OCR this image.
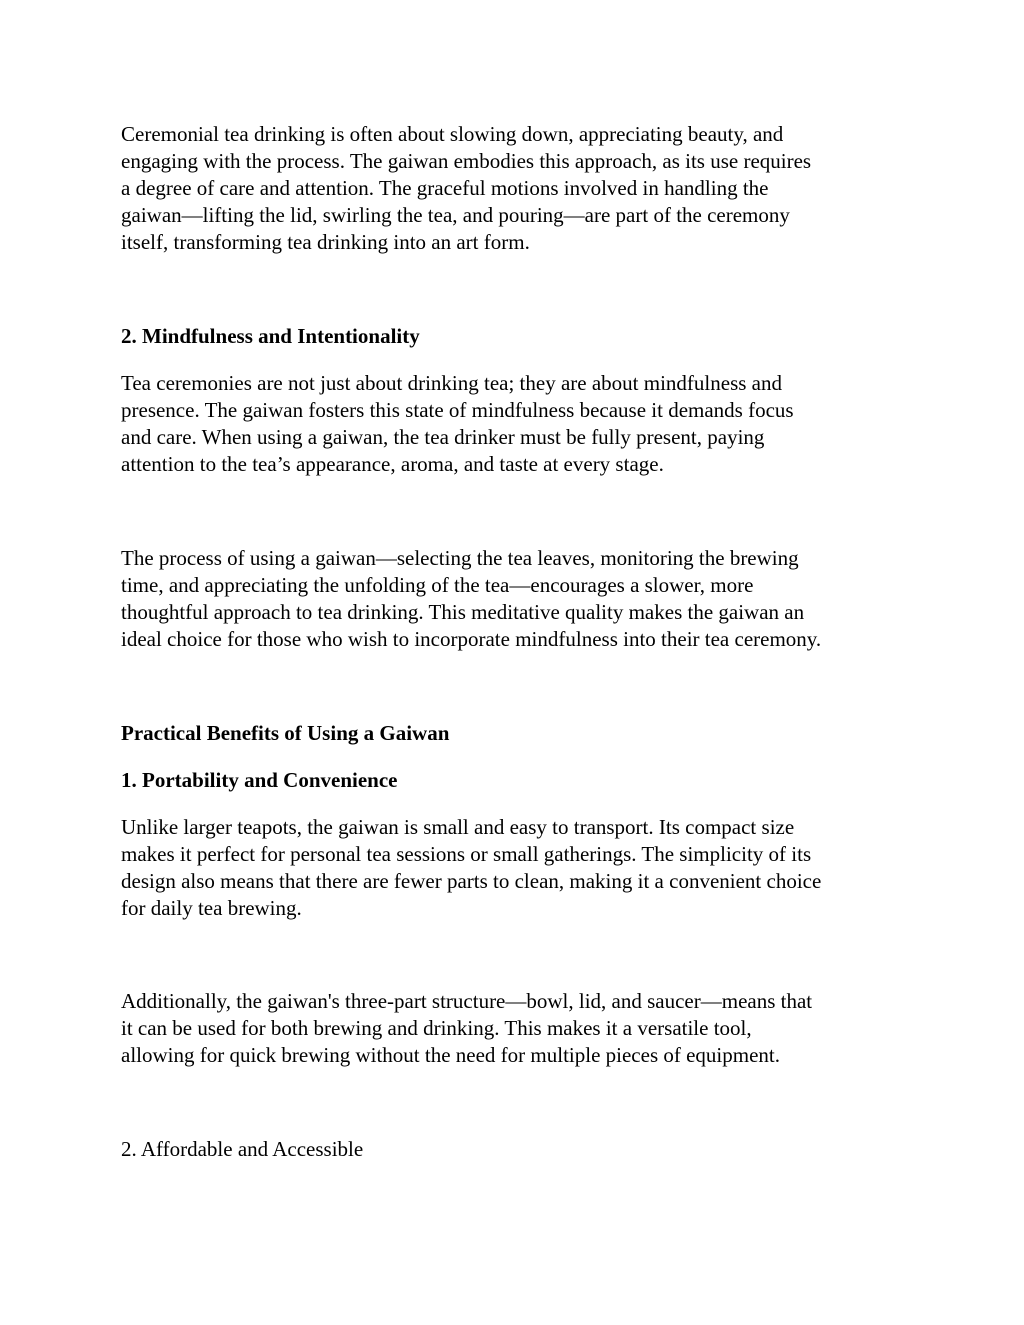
Ceremonial tea drinking is often about slowing down, appreciating beauty, and
engaging with the process. The gaiwan embodies this approach, as its use requires
a degree of care and attention. The graceful motions involved in handling the
gaiwan—lifting the lid, swirling the tea, and pouring—are part of the ceremony
itself, transforming tea drinking into an art form.

2. Mindfulness and Intentionality

Tea ceremonies are not just about drinking tea; they are about mindfulness and
presence. The gaiwan fosters this state of mindfulness because it demands focus
and care. When using a gaiwan, the tea drinker must be fully present, paying
attention to the tea’s appearance, aroma, and taste at every stage.

The process of using a gaiwan—selecting the tea leaves, monitoring the brewing
time, and appreciating the unfolding of the tea—encourages a slower, more
thoughtful approach to tea drinking. This meditative quality makes the gaiwan an
ideal choice for those who wish to incorporate mindfulness into their tea ceremony.

Practical Benefits of Using a Gaiwan

1. Portability and Convenience

Unlike larger teapots, the gaiwan is small and easy to transport. Its compact size
makes it perfect for personal tea sessions or small gatherings. The simplicity of its
design also means that there are fewer parts to clean, making it a convenient choice
for daily tea brewing.

Additionally, the gaiwan's three-part structure—bowl, lid, and saucer—means that
it can be used for both brewing and drinking. This makes it a versatile tool,
allowing for quick brewing without the need for multiple pieces of equipment.

2. Affordable and Accessible
